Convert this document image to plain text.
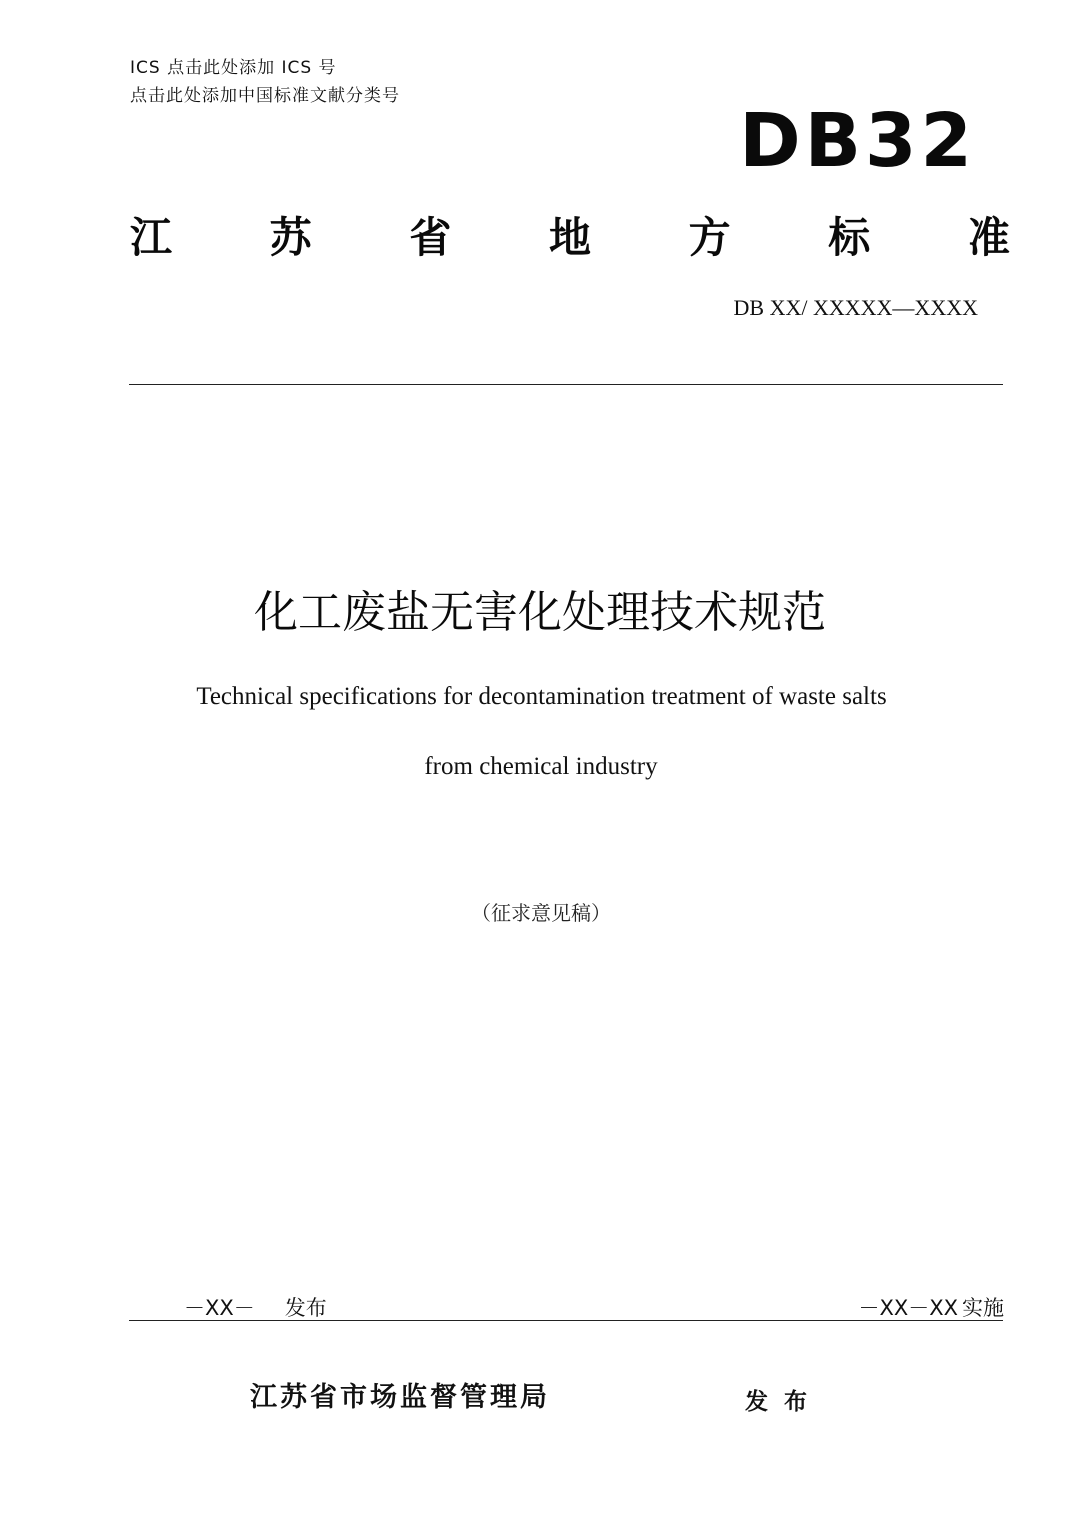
ICS 点击此处添加 ICS 号
点击此处添加中国标准文献分类号
DB32
江 苏 省 地 方 标 准
DB XX/ XXXXX—XXXX
化工废盐无害化处理技术规范
Technical specifications for decontamination treatment of waste salts
from chemical industry
（征求意见稿）
－XX－ 发布	－XX－XX 实施
江苏省市场监督管理局	发布
